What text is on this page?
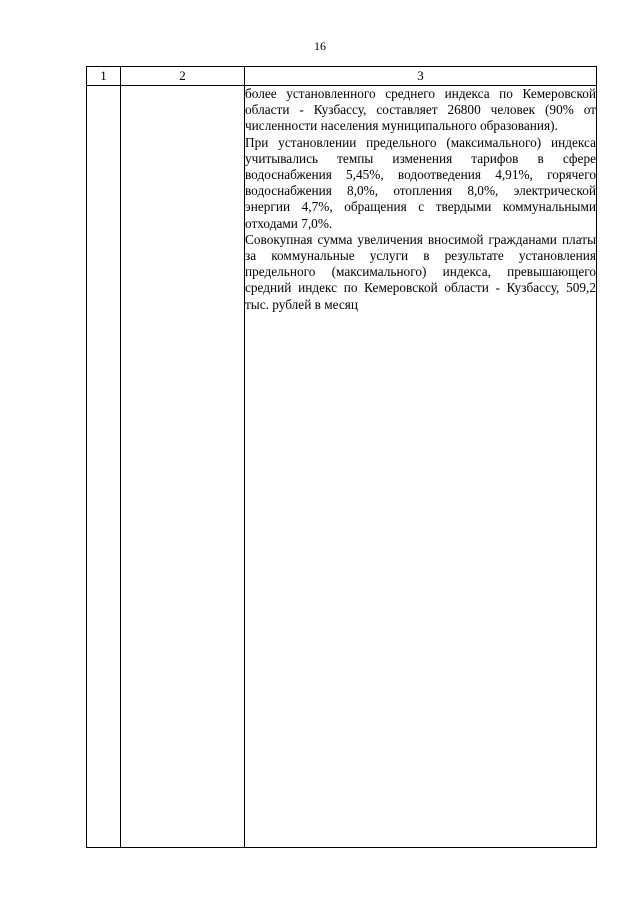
16
1	2	3

		более установленного среднего индекса по Кемеровской области - Кузбассу, составляет 26800 человек (90% от численности населения муниципального образования).

При установлении предельного (максимального) индекса учитывались темпы изменения тарифов в сфере водоснабжения 5,45%, водоотведения 4,91%, горячего водоснабжения 8,0%, отопления 8,0%, электрической энергии 4,7%, обращения с твердыми коммунальными отходами 7,0%.

Совокупная сумма увеличения вносимой гражданами платы за коммунальные услуги в результате установления предельного (максимального) индекса, превышающего средний индекс по Кемеровской области - Кузбассу, 509,2 тыс. рублей в месяц
